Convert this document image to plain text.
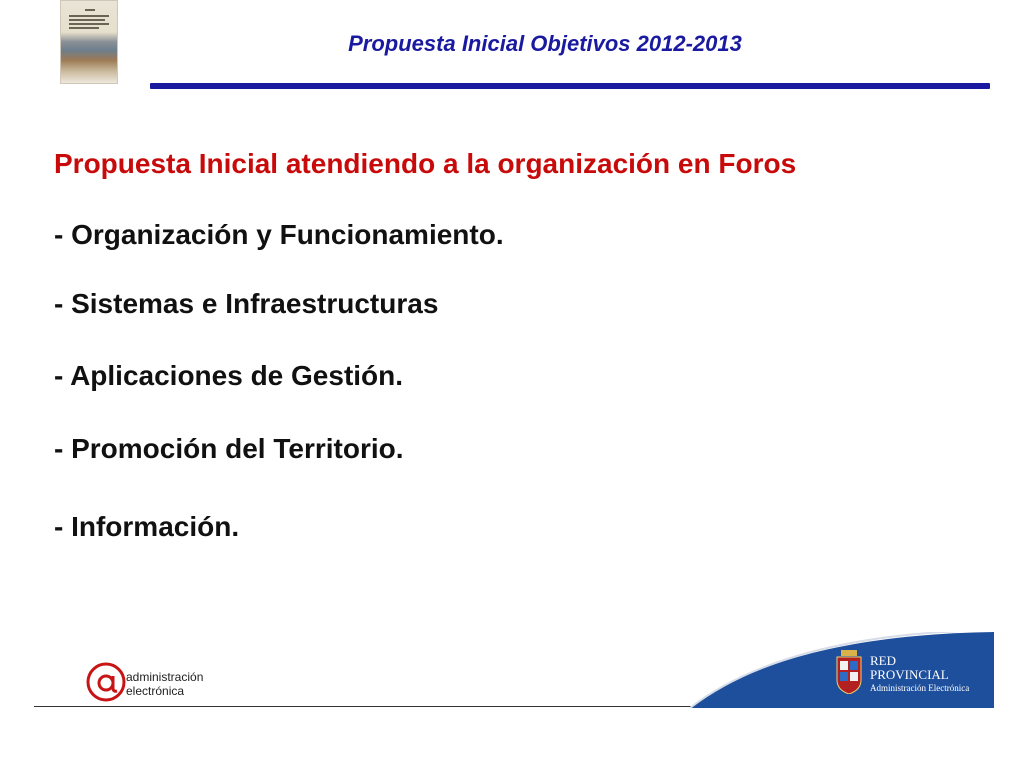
Propuesta Inicial Objetivos 2012-2013
Propuesta Inicial atendiendo a la organización en Foros
- Organización y Funcionamiento.
- Sistemas e Infraestructuras
- Aplicaciones de Gestión.
- Promoción del Territorio.
- Información.
administración
electrónica
RED
PROVINCIAL
Administración Electrónica
